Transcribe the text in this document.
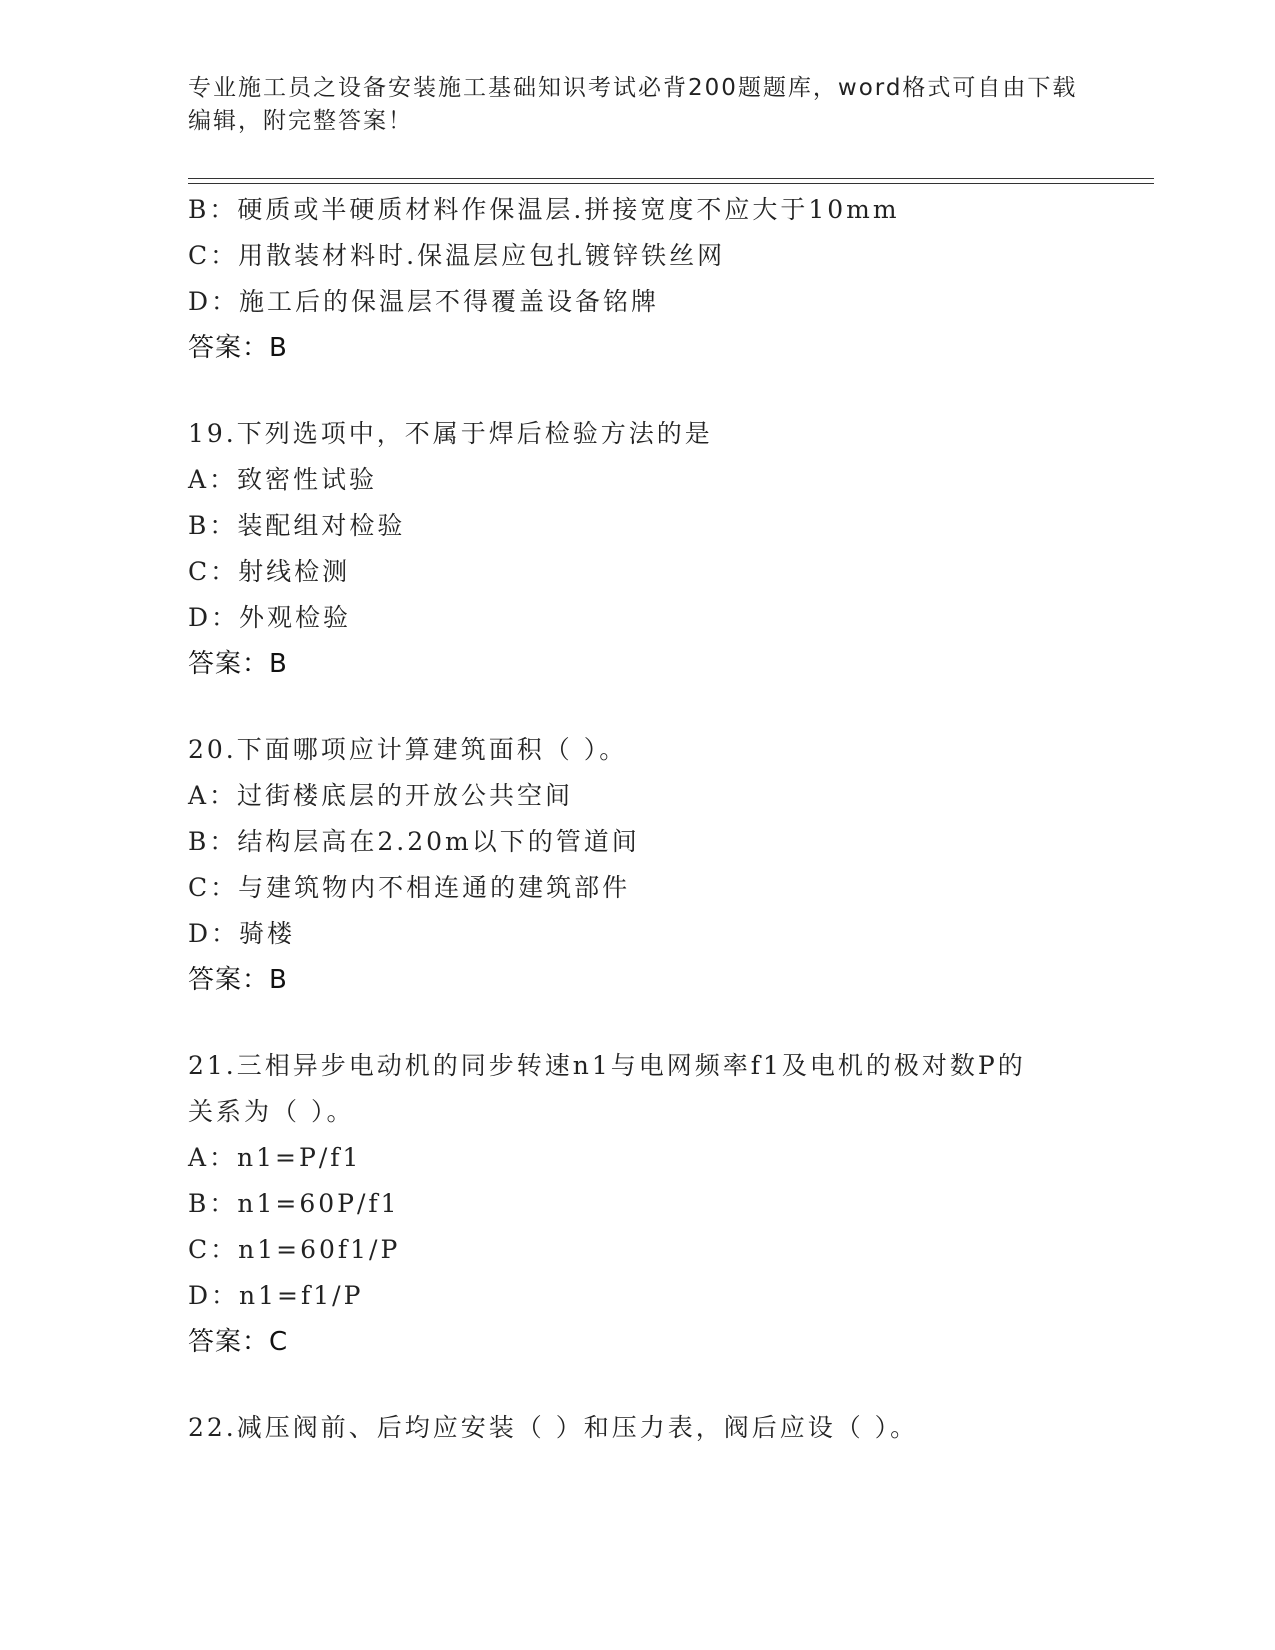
专业施工员之设备安装施工基础知识考试必背200题题库，word格式可自由下载
编辑，附完整答案！
B：硬质或半硬质材料作保温层.拼接宽度不应大于10mm
C：用散装材料时.保温层应包扎镀锌铁丝网
D：施工后的保温层不得覆盖设备铭牌
答案：B
19.下列选项中，不属于焊后检验方法的是
A：致密性试验
B：装配组对检验
C：射线检测
D：外观检验
答案：B
20.下面哪项应计算建筑面积（ ）。
A：过街楼底层的开放公共空间
B：结构层高在2.20m以下的管道间
C：与建筑物内不相连通的建筑部件
D：骑楼
答案：B
21.三相异步电动机的同步转速n1与电网频率f1及电机的极对数P的
关系为（ ）。
A：n1=P/f1
B：n1=60P/f1
C：n1=60f1/P
D：n1=f1/P
答案：C
22.减压阀前、后均应安装（ ）和压力表，阀后应设（ ）。
